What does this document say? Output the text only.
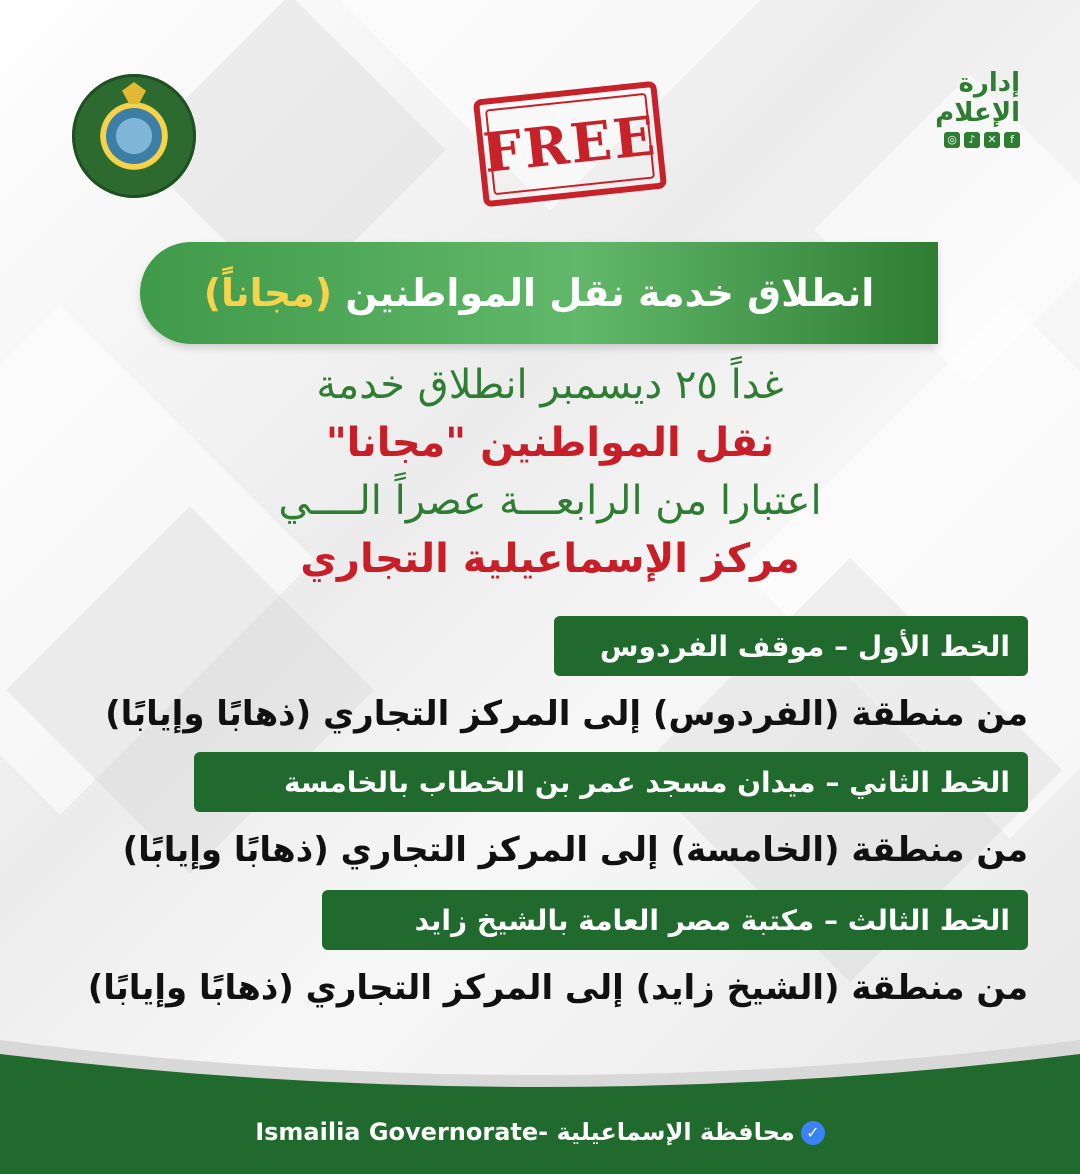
FREE
إدارة
الإعلام
◎	♪	✕	f
انطلاق خدمة نقل المواطنين (مجاناً)
غداً ٢٥ ديسمبر انطلاق خدمة
نقل المواطنين "مجانا"
اعتبارا من الرابعـــة عصراً الــــي
مركز الإسماعيلية التجاري
الخط الأول – موقف الفردوس
من منطقة (الفردوس) إلى المركز التجاري (ذهابًا وإيابًا)
الخط الثاني – ميدان مسجد عمر بن الخطاب بالخامسة
من منطقة (الخامسة) إلى المركز التجاري (ذهابًا وإيابًا)
الخط الثالث – مكتبة مصر العامة بالشيخ زايد
من منطقة (الشيخ زايد) إلى المركز التجاري (ذهابًا وإيابًا)
Ismailia Governorate- محافظة الإسماعيلية ✓
